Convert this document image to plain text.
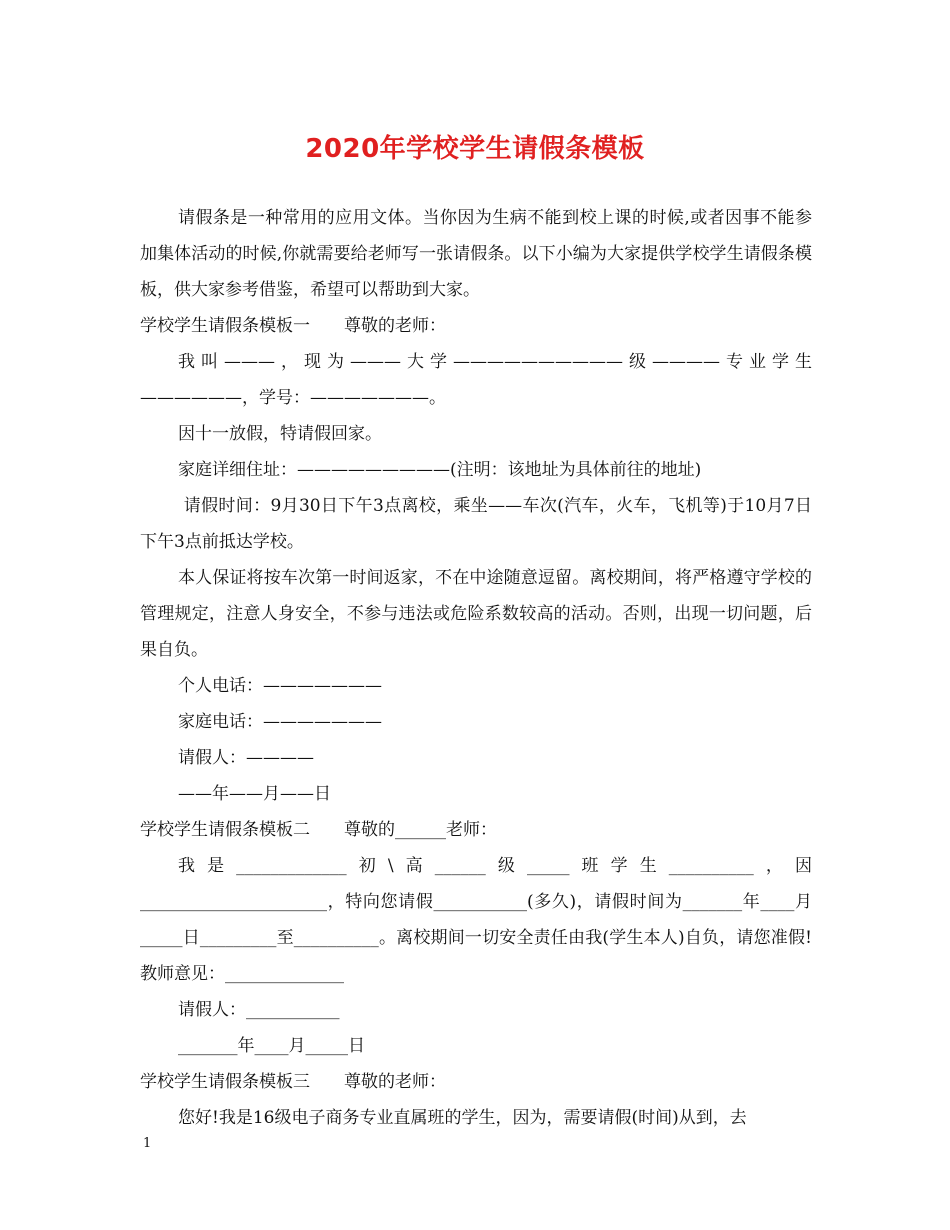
2020年学校学生请假条模板

请假条是一种常用的应用文体。当你因为生病不能到校上课的时候,或者因事不能参加集体活动的时候,你就需要给老师写一张请假条。以下小编为大家提供学校学生请假条模板，供大家参考借鉴，希望可以帮助到大家。

学校学生请假条模板一　　尊敬的老师：

我叫———，现为———大学——————————级————专业学生——————，学号：———————。

因十一放假，特请假回家。

家庭详细住址：—————————(注明：该地址为具体前往的地址)

请假时间：9月30日下午3点离校，乘坐——车次(汽车，火车，飞机等)于10月7日下午3点前抵达学校。

本人保证将按车次第一时间返家，不在中途随意逗留。离校期间，将严格遵守学校的管理规定，注意人身安全，不参与违法或危险系数较高的活动。否则，出现一切问题，后果自负。

个人电话：———————

家庭电话：———————

请假人：————

——年——月——日

学校学生请假条模板二　　尊敬的______老师：

我是_____________初\高______级_____班学生__________，因______________________，特向您请假___________(多久)，请假时间为_______年____月_____日_________至__________。离校期间一切安全责任由我(学生本人)自负，请您准假! 教师意见：______________

请假人：___________

_______年____月_____日

学校学生请假条模板三　　尊敬的老师：

您好!我是16级电子商务专业直属班的学生，因为，需要请假(时间)从到，去

1
